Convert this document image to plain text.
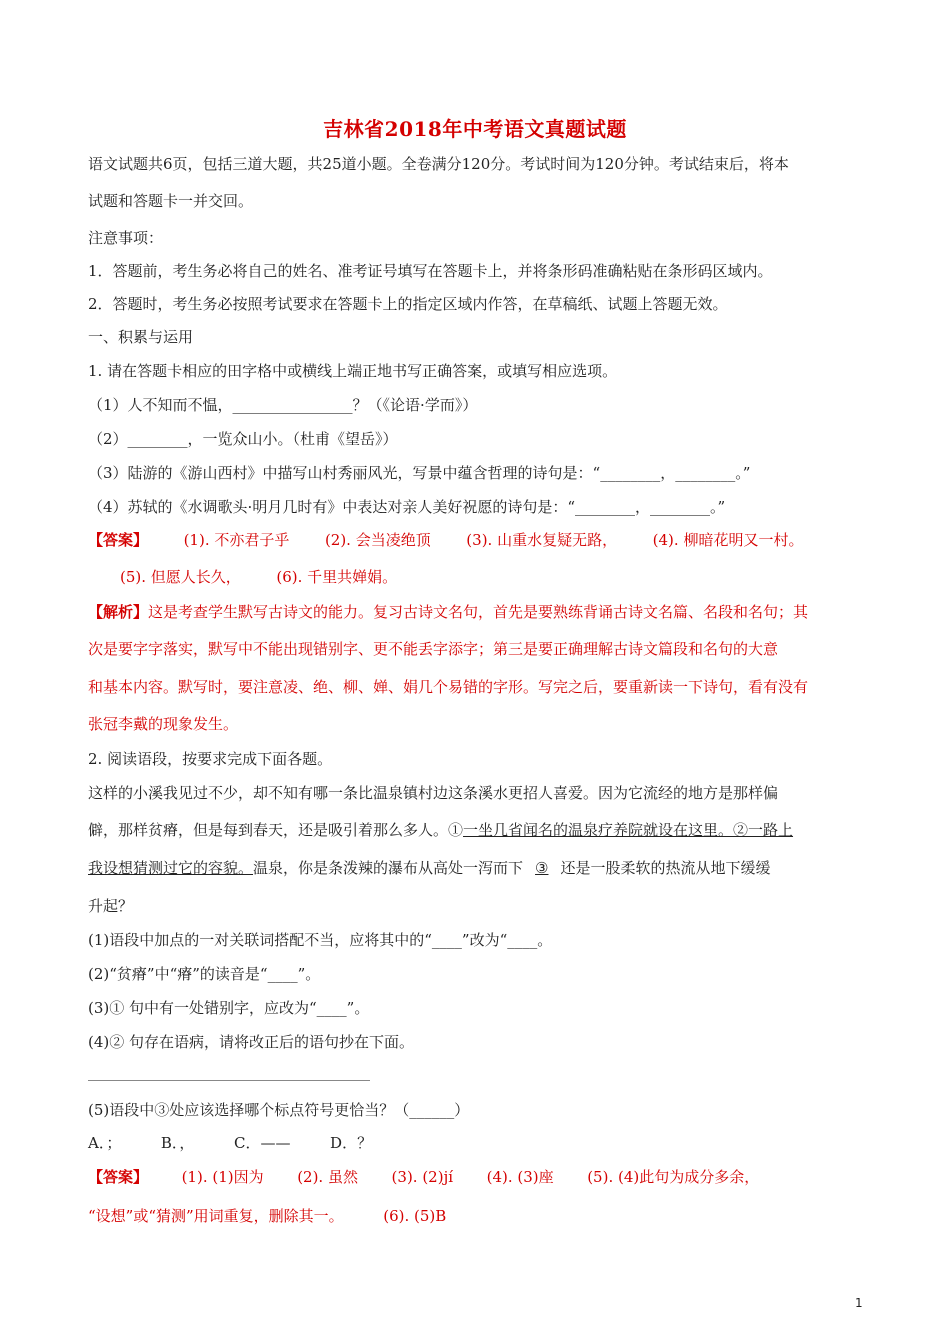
吉林省2018年中考语文真题试题
语文试题共6页，包括三道大题，共25道小题。全卷满分120分。考试时间为120分钟。考试结束后，将本
试题和答题卡一并交回。
注意事项：
1．答题前，考生务必将自己的姓名、准考证号填写在答题卡上，并将条形码准确粘贴在条形码区域内。
2．答题时，考生务必按照考试要求在答题卡上的指定区域内作答，在草稿纸、试题上答题无效。
一、积累与运用
1. 请在答题卡相应的田字格中或横线上端正地书写正确答案，或填写相应选项。
（1）人不知而不愠，________________？（《论语·学而》）
（2）________，一览众山小。（杜甫《望岳》）
（3）陆游的《游山西村》中描写山村秀丽风光，写景中蕴含哲理的诗句是：“________，________。”
（4）苏轼的《水调歌头·明月几时有》中表达对亲人美好祝愿的诗句是：“________，________。”
【答案】 (1). 不亦君子乎 (2). 会当凌绝顶 (3). 山重水复疑无路， (4). 柳暗花明又一村。
(5). 但愿人长久， (6). 千里共婵娟。
【解析】这是考查学生默写古诗文的能力。复习古诗文名句，首先是要熟练背诵古诗文名篇、名段和名句；其
次是要字字落实，默写中不能出现错别字、更不能丢字添字；第三是要正确理解古诗文篇段和名句的大意
和基本内容。默写时，要注意凌、绝、柳、婵、娟几个易错的字形。写完之后，要重新读一下诗句，看有没有
张冠李戴的现象发生。
2. 阅读语段，按要求完成下面各题。
这样的小溪我见过不少，却不知有哪一条比温泉镇村边这条溪水更招人喜爱。因为它流经的地方是那样偏
僻，那样贫瘠，但是每到春天，还是吸引着那么多人。①一坐几省闻名的温泉疗养院就设在这里。②一路上
我设想猜测过它的容貌。温泉，你是条泼辣的瀑布从高处一泻而下 ③ 还是一股柔软的热流从地下缓缓
升起？
(1)语段中加点的一对关联词搭配不当，应将其中的“____”改为“____。
(2)“贫瘠”中“瘠”的读音是“____”。
(3)① 句中有一处错别字，应改为“____”。
(4)② 句存在语病，请将改正后的语句抄在下面。
(5)语段中③处应该选择哪个标点符号更恰当？（______）
A．；	B．，	C．——	D．？
【答案】 (1). (1)因为 (2). 虽然 (3). (2)jí (4). (3)座 (5). (4)此句为成分多余，
“设想”或“猜测”用词重复，删除其一。	(6). (5)B
1
